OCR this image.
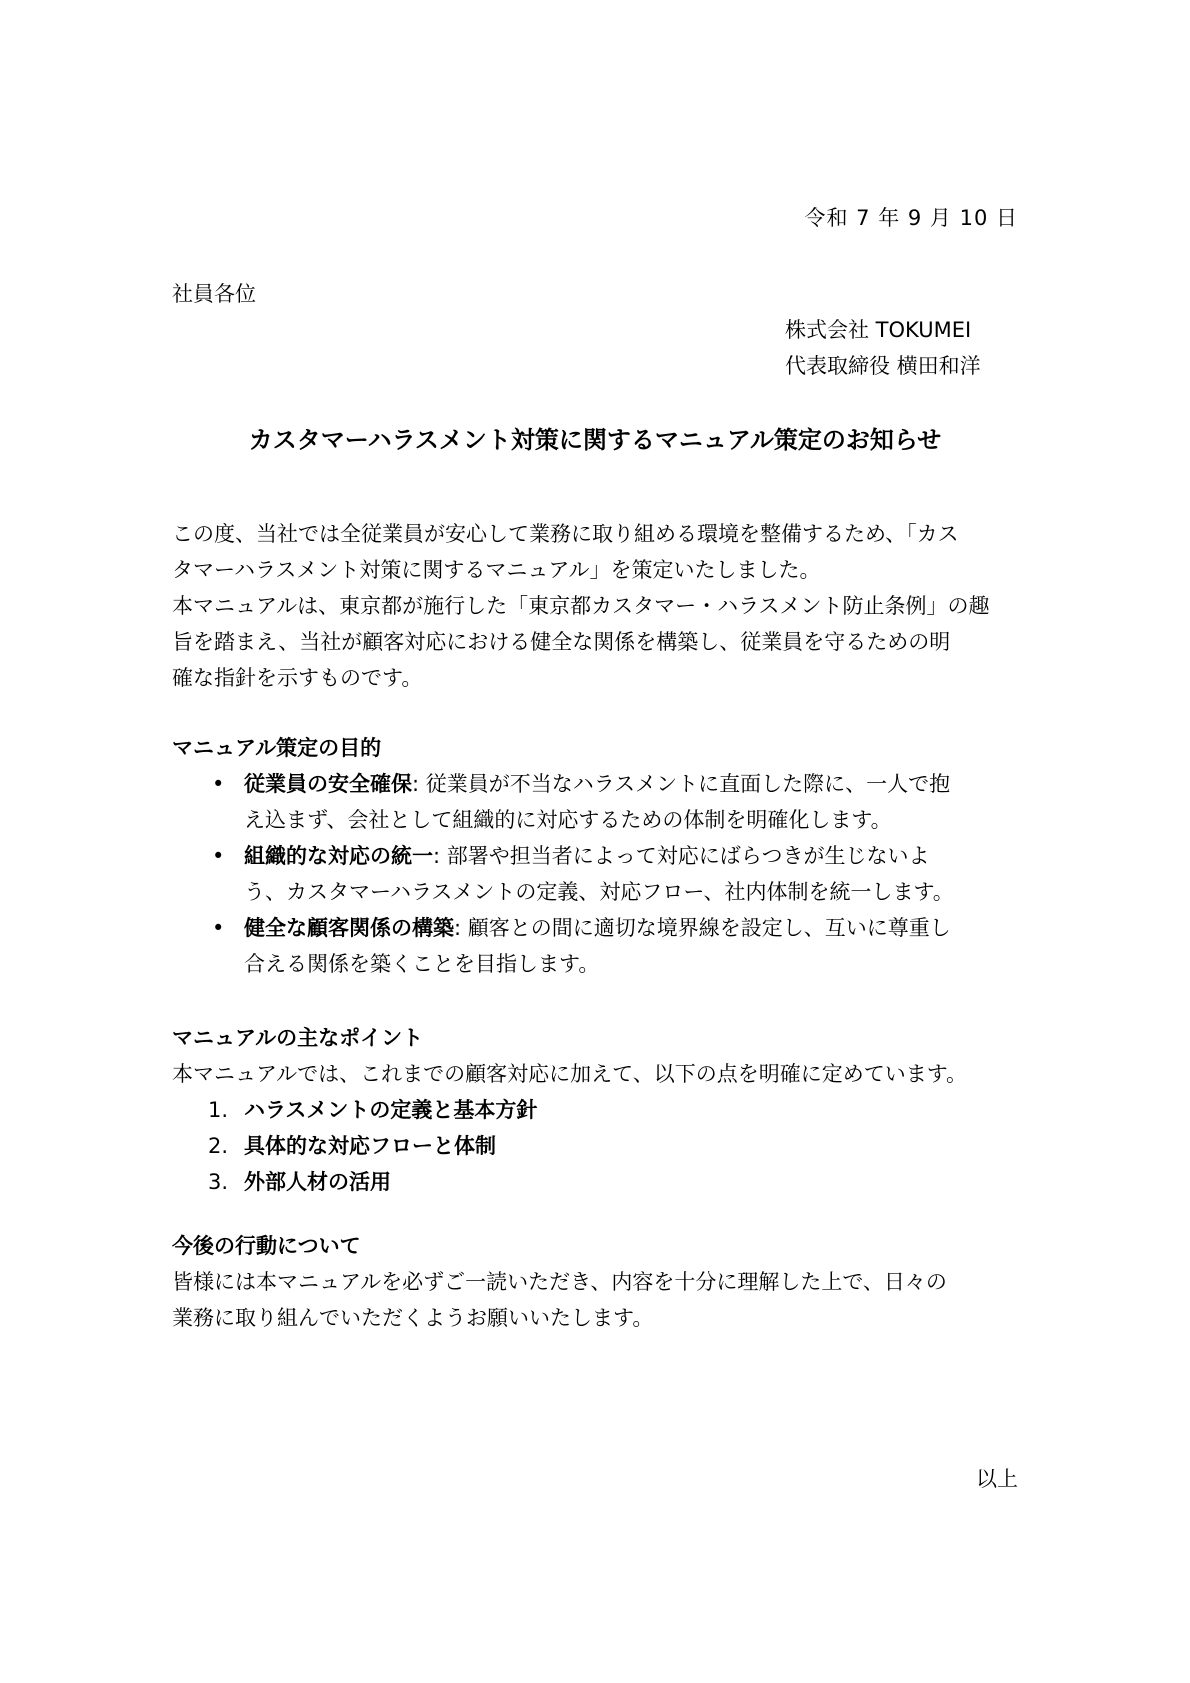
令和 7 年 9 月 10 日
社員各位
株式会社 TOKUMEI
代表取締役 横田和洋
カスタマーハラスメント対策に関するマニュアル策定のお知らせ

この度、当社では全従業員が安心して業務に取り組める環境を整備するため、「カス

タマーハラスメント対策に関するマニュアル」を策定いたしました。

本マニュアルは、東京都が施行した「東京都カスタマー・ハラスメント防止条例」の趣

旨を踏まえ、当社が顧客対応における健全な関係を構築し、従業員を守るための明

確な指針を示すものです。

マニュアル策定の目的

• 従業員の安全確保: 従業員が不当なハラスメントに直面した際に、一人で抱
え込まず、会社として組織的に対応するための体制を明確化します。
• 組織的な対応の統一: 部署や担当者によって対応にばらつきが生じないよ
う、カスタマーハラスメントの定義、対応フロー、社内体制を統一します。
• 健全な顧客関係の構築: 顧客との間に適切な境界線を設定し、互いに尊重し
合える関係を築くことを目指します。

マニュアルの主なポイント

本マニュアルでは、これまでの顧客対応に加えて、以下の点を明確に定めています。

1. ハラスメントの定義と基本方針
2. 具体的な対応フローと体制
3. 外部人材の活用

今後の行動について

皆様には本マニュアルを必ずご一読いただき、内容を十分に理解した上で、日々の

業務に取り組んでいただくようお願いいたします。

以上
